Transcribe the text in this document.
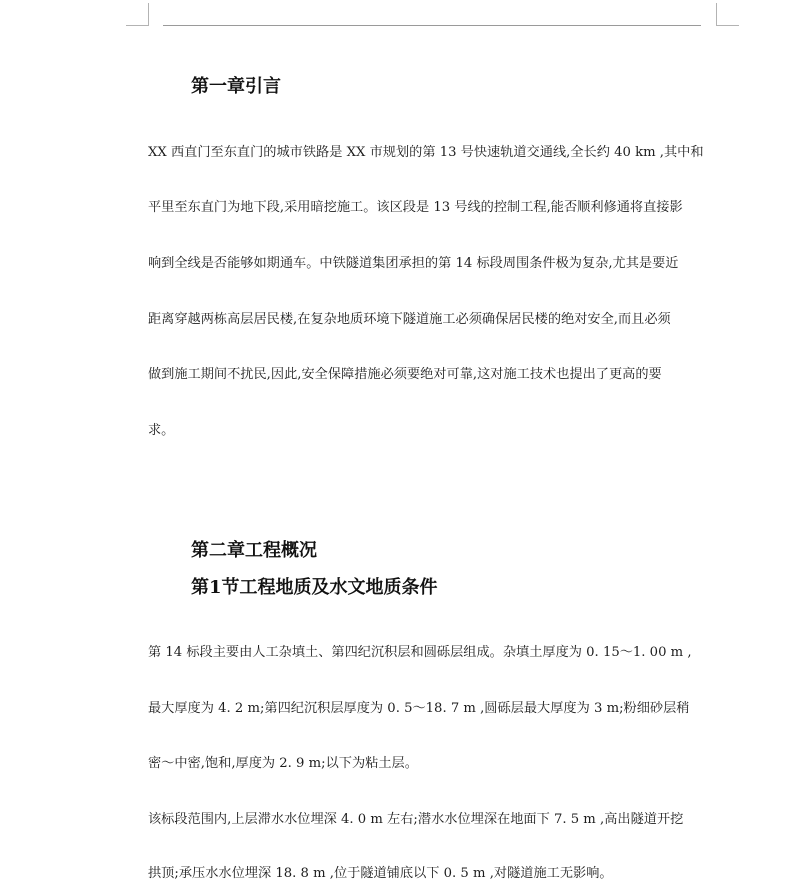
第一章引言
XX 西直门至东直门的城市铁路是 XX 市规划的第 13 号快速轨道交通线,全长约 40 km ,其中和
平里至东直门为地下段,采用暗挖施工。该区段是 13 号线的控制工程,能否顺利修通将直接影
响到全线是否能够如期通车。中铁隧道集团承担的第 14 标段周围条件极为复杂,尤其是要近
距离穿越两栋高层居民楼,在复杂地质环境下隧道施工必须确保居民楼的绝对安全,而且必须
做到施工期间不扰民,因此,安全保障措施必须要绝对可靠,这对施工技术也提出了更高的要
求。
第二章工程概况
第1节工程地质及水文地质条件
第 14 标段主要由人工杂填土、第四纪沉积层和圆砾层组成。杂填土厚度为 0. 15～1. 00 m ,
最大厚度为 4. 2 m;第四纪沉积层厚度为 0. 5～18. 7 m ,圆砾层最大厚度为 3 m;粉细砂层稍
密～中密,饱和,厚度为 2. 9 m;以下为粘土层。
该标段范围内,上层滞水水位埋深 4. 0 m 左右;潜水水位埋深在地面下 7. 5 m ,高出隧道开挖
拱顶;承压水水位埋深 18. 8 m ,位于隧道铺底以下 0. 5 m ,对隧道施工无影响。
